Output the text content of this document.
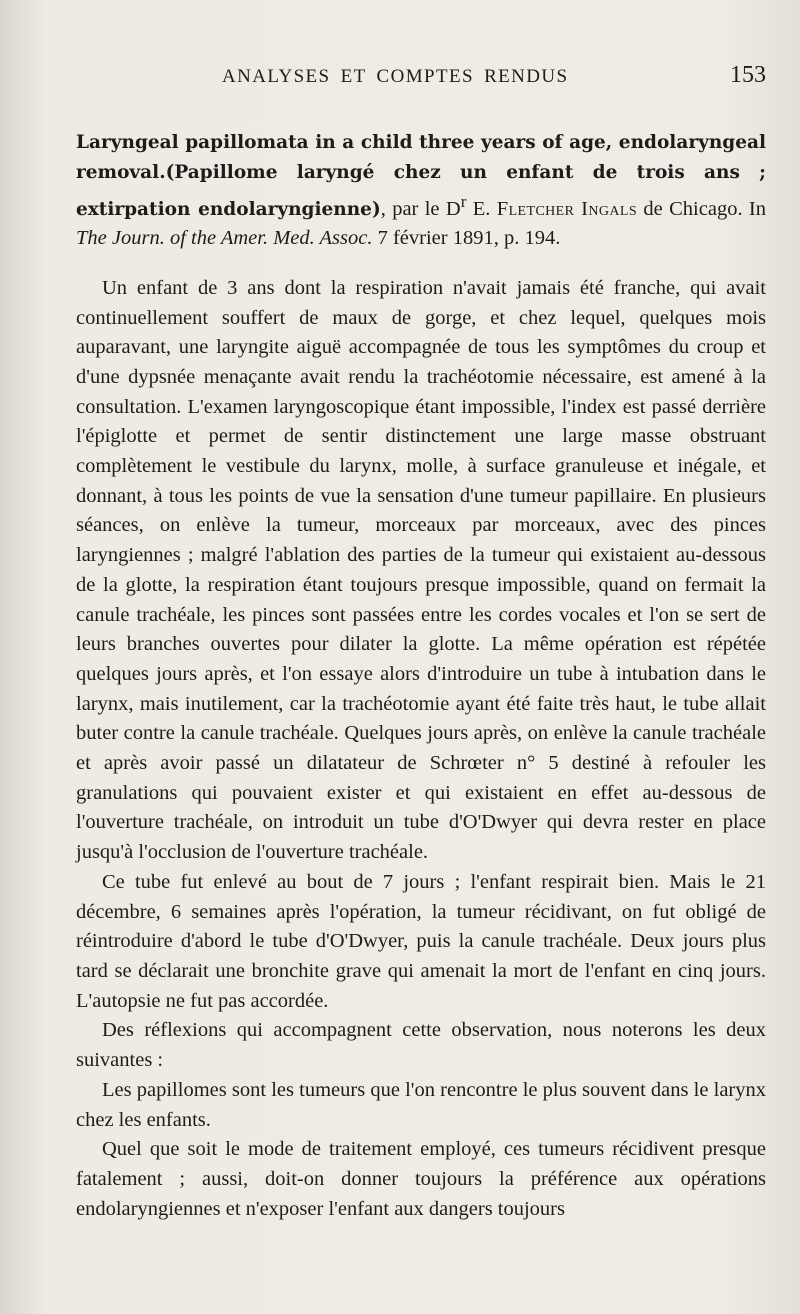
ANALYSES ET COMPTES RENDUS	153

Laryngeal papillomata in a child three years of age, endolaryngeal removal.(Papillome laryngé chez un enfant de trois ans ; extirpation endolaryngienne), par le $D^r$ E. Fletcher Ingals de Chicago. In The Journ. of the Amer. Med. Assoc. 7 février 1891, p. 194.

Un enfant de 3 ans dont la respiration n'avait jamais été franche, qui avait continuellement souffert de maux de gorge, et chez lequel, quelques mois auparavant, une laryngite aiguë accompagnée de tous les symptômes du croup et d'une dypsnée menaçante avait rendu la trachéotomie nécessaire, est amené à la consultation. L'examen laryngoscopique étant impossible, l'index est passé derrière l'épiglotte et permet de sentir distinctement une large masse obstruant complètement le vestibule du larynx, molle, à surface granuleuse et inégale, et donnant, à tous les points de vue la sensation d'une tumeur papillaire. En plusieurs séances, on enlève la tumeur, morceaux par morceaux, avec des pinces laryngiennes ; malgré l'ablation des parties de la tumeur qui existaient au-dessous de la glotte, la respiration étant toujours presque impossible, quand on fermait la canule trachéale, les pinces sont passées entre les cordes vocales et l'on se sert de leurs branches ouvertes pour dilater la glotte. La même opération est répétée quelques jours après, et l'on essaye alors d'introduire un tube à intubation dans le larynx, mais inutilement, car la trachéotomie ayant été faite très haut, le tube allait buter contre la canule trachéale. Quelques jours après, on enlève la canule trachéale et après avoir passé un dilatateur de Schrœter n° 5 destiné à refouler les granulations qui pouvaient exister et qui existaient en effet au-dessous de l'ouverture trachéale, on introduit un tube d'O'Dwyer qui devra rester en place jusqu'à l'occlusion de l'ouverture trachéale.

Ce tube fut enlevé au bout de 7 jours ; l'enfant respirait bien. Mais le 21 décembre, 6 semaines après l'opération, la tumeur récidivant, on fut obligé de réintroduire d'abord le tube d'O'Dwyer, puis la canule trachéale. Deux jours plus tard se déclarait une bronchite grave qui amenait la mort de l'enfant en cinq jours. L'autopsie ne fut pas accordée.

Des réflexions qui accompagnent cette observation, nous noterons les deux suivantes :

Les papillomes sont les tumeurs que l'on rencontre le plus souvent dans le larynx chez les enfants.

Quel que soit le mode de traitement employé, ces tumeurs récidivent presque fatalement ; aussi, doit-on donner toujours la préférence aux opérations endolaryngiennes et n'exposer l'enfant aux dangers toujours
